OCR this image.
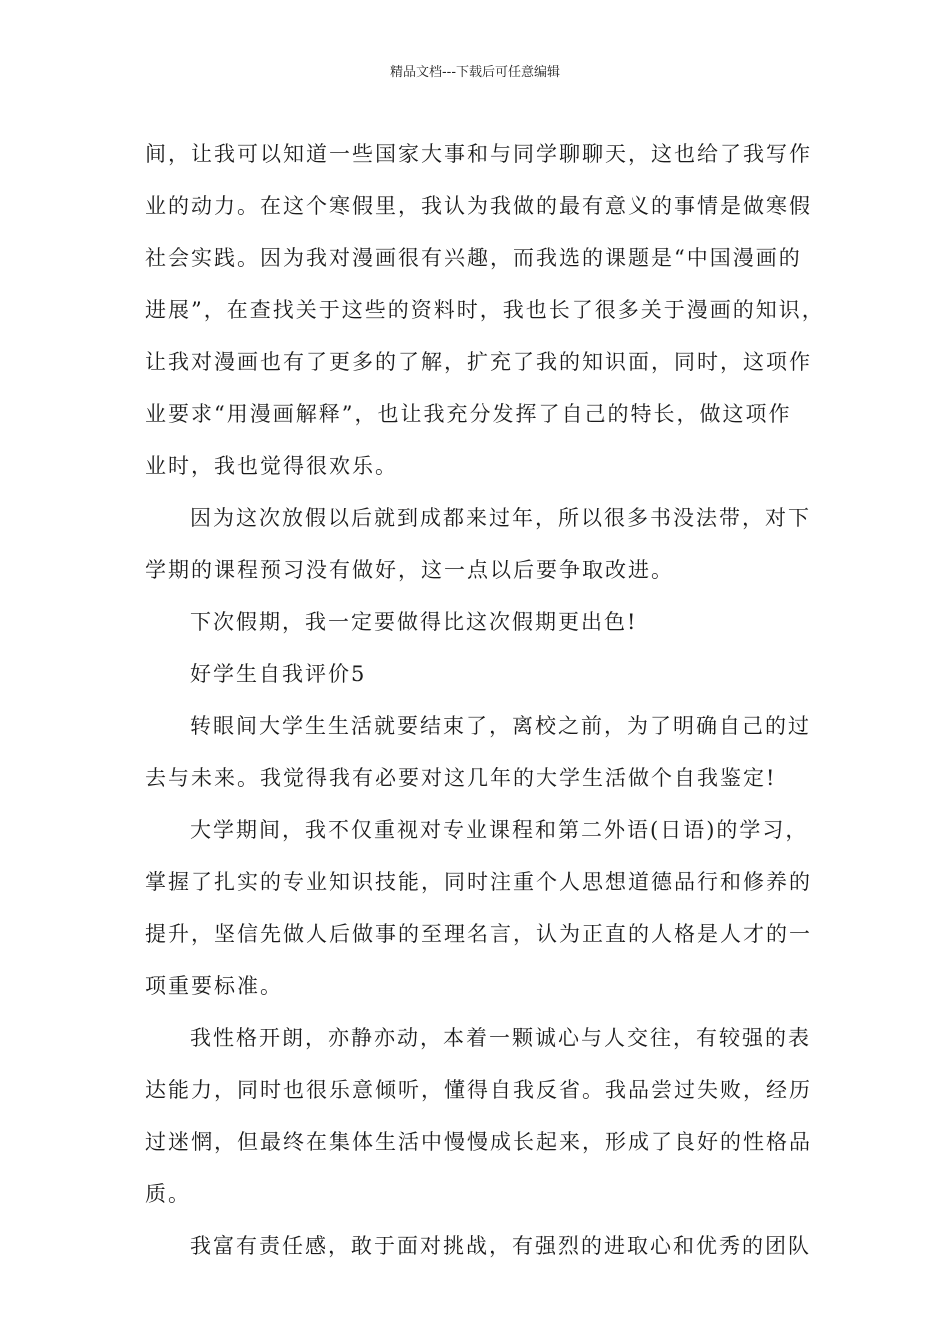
精品文档---下载后可任意编辑
间，让我可以知道一些国家大事和与同学聊聊天，这也给了我写作
业的动力。在这个寒假里，我认为我做的最有意义的事情是做寒假
社会实践。因为我对漫画很有兴趣，而我选的课题是“中国漫画的
进展”，在查找关于这些的资料时，我也长了很多关于漫画的知识，
让我对漫画也有了更多的了解，扩充了我的知识面，同时，这项作
业要求“用漫画解释”，也让我充分发挥了自己的特长，做这项作
业时，我也觉得很欢乐。
因为这次放假以后就到成都来过年，所以很多书没法带，对下
学期的课程预习没有做好，这一点以后要争取改进。
下次假期，我一定要做得比这次假期更出色!
好学生自我评价5
转眼间大学生生活就要结束了，离校之前，为了明确自己的过
去与未来。我觉得我有必要对这几年的大学生活做个自我鉴定!
大学期间，我不仅重视对专业课程和第二外语(日语)的学习，
掌握了扎实的专业知识技能，同时注重个人思想道德品行和修养的
提升，坚信先做人后做事的至理名言，认为正直的人格是人才的一
项重要标准。
我性格开朗，亦静亦动，本着一颗诚心与人交往，有较强的表
达能力，同时也很乐意倾听，懂得自我反省。我品尝过失败，经历
过迷惘，但最终在集体生活中慢慢成长起来，形成了良好的性格品
质。
我富有责任感，敢于面对挑战，有强烈的进取心和优秀的团队
